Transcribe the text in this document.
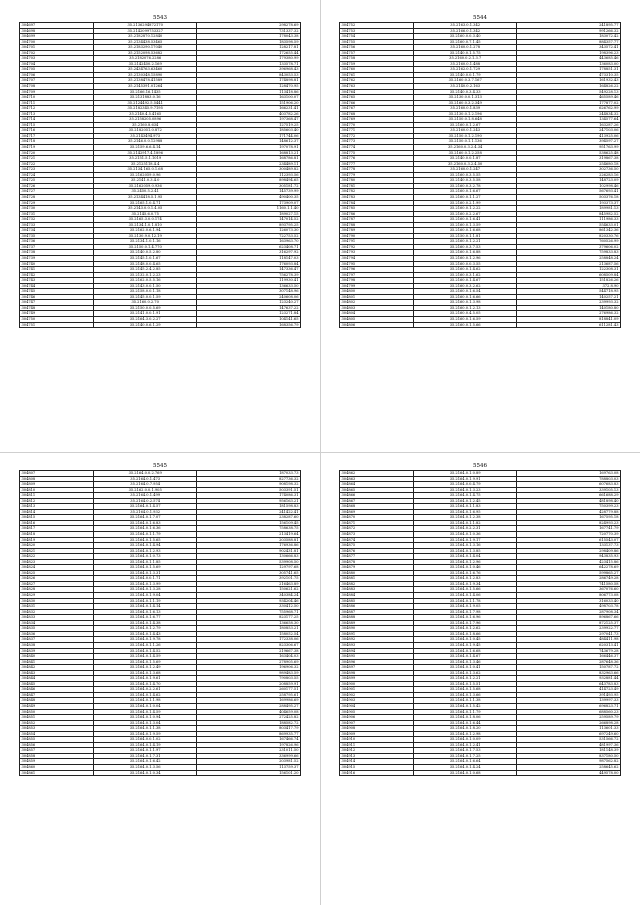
5543
304697	35.2136294872170	298278.69
304698	35.2142099753327	731337.32
304699	35.2182870.12840	178043.38
304700	35.2134438.53465	183598.59
304701	35.2183290.17040	128217.81
304702	35.2152098.53682	172655.44
304703	35.2182076.2286	179380.99
304704	35.2142450.2.169	133578.71
304705	35.2434763.63460	396968.43
304706	35.2130348.15890	843053.53
304707	35.2138478.41589	174898.81
304708	35.2145391.01264	128470.95
304709	35.2166.16.1435	113418.86
304710	35.2131883.0.16	163100.07
304711	35.2124492.5.5441	151906.20
304712	35.2182345.9.7195	166231.41
304713	35.2140.4.5.4165	403782.26
304714	35.2158205.0896	197368.47
304715	35.2160.8.634	127519.25
304716	35.2182051.0.872	185603.40
304717	35.2143494.973	171744.06
304718	35.2146.0.0.12988	148612.37
304719	35.2159.6.6.4.14	197078.91
304720	35.2142917.4.1896	168813.21
304721	35.2151.5.1.1019	168786.81
304722	35.2125118.4.4	234489.11
304723	35.2134.165.0.1.68	300489.82
304724	35.2162059.0.96	112393.56
304725	35.2141.0.3.4.0	898494.65
304726	35.2162059.0.936	305181.72
304727	35.2450.5.2.41	145739.99
304728	35.2134418.5.1.95	490400.35
304729	35.2165.1.0.4.71	173909.07
304730	35.2143.0.0.1.4.05	1160.1.1.40
304731	35.2145.6.0.75	189027.15
304732	35.2165.3.0.0.174	147014.52
304733	35.2134.1.0.1.810	893795.25
304734	35.2162.0.6.1.94	126073.30
304735	35.2130.9.0.12.19	722753.52
304736	35.2134.1.0.1.16	163963.70
304737	35.2150.0.1.4.770	623408.71
304738	35.2140.0.5.2.80	316297.92
304739	35.2145.1.0.1.67	118147.03
304740	35.2148.0.0.4.65	176093.84
304741	35.2145.2.4.2.85	147336.47
304742	35.2132.0.1.2.23	756278.39
304743	35.2162.0.5.5.16	119930.41
304744	35.2143.0.0.1.50	136633.50
304745	35.2158.0.0.1.18	307148.96
304746	35.2145.0.0.1.59	240608.06
304747	35.2160.0.2.70	123240.27
304748	35.2150.0.0.5.69	147637.22
304749	35.2141.0.0.1.91	123271.84
304750	35.2164.3.0.2.27	104141.65
304751	35.2140.0.6.1.29	168356.79
5544
304752	35.2163.0.1.342	241895.77
304753	35.2166.0.1.342	991266.32
304754	35.2160.0.0.3.40	183072.42
304755	35.2160.0.7.1.45	884357.77
304756	35.2160.0.1.278	343572.41
304757	35.2140.0.1.5.75	198396.23
304758	35.2160.0.2.1.3.7	443685.46
304759	35.2160.0.1.488	136083.00
304760	35.2162.0.1.729	178851.31
304761	35.2140.0.0.1.79	473310.35
304762	35.2160.0.3.7.167	161932.43
304763	35.2140.0.2.163	164826.22
304764	35.2140.0.3.4.33	549228.13
304765	35.2130.0.0.1.313	465589.46
304766	35.2160.0.3.2.349	177877.02
304767	35.2160.0.1.839	626762.99
304768	35.2130.0.1.2.196	244834.32
304769	35.2150.0.1.8.648	134577.64
304770	35.2160.0.1.2.67	163287.26
304771	35.2160.0.1.243	247103.06
304772	35.2150.0.1.2.190	413925.06
304773	35.2150.0.1.1.136	394597.27
304774	35.2160.0.3.2.4.34	951763.99
304775	35.2160.0.1.2.258	538625.48
304776	35.2140.0.0.1.87	319867.38
304777	35.2160.0.3.2.4.50	254680.18
304778	35.2160.0.1.247	302736.50
304779	35.2160.0.3.5.55	226283.16
304780	35.2140.0.3.5.58	148723.09
304781	35.2160.0.3.2.78	102998.46
304782	35.2160.0.1.6.67	567693.41
304783	35.2160.0.1.1.27	503376.18
304784	35.2160.0.2.1.99	193373.37
304785	35.2160.0.1.2.22	189981.13
304786	35.2160.0.2.2.67	845982.52
304787	35.2160.0.1.6.41	111986.33
304788	35.2160.0.1.3.59	554633.01
304789	35.2160.0.1.6.68	861342.36
304790	35.2150.0.1.1.81	820330.76
304791	35.2160.0.1.2.21	760526.99
304792	35.2160.0.3.7.53	379606.02
304793	35.2160.0.1.6.88	759833.83
304794	35.2160.0.1.2.96	258848.24
304795	35.2160.0.0.3.55	213687.56
304796	35.2160.0.1.4.62	122308.31
304797	35.2160.0.3.1.62	608509.84
304798	35.2160.0.1.4.67	151826.26
304799	35.2160.0.3.2.62	372.8.90
304800	35.2160.0.1.6.54	544718.95
304801	35.2160.0.1.6.66	140257.21
304802	35.2160.0.1.3.98	239993.32
304803	35.2160.0.1.2.13	140180.80
304804	35.2160.0.4.5.05	276986.32
304805	35.2160.0.1.6.59	818841.09
304806	35.2160.0.1.5.66	611281.43
5545
304807	35.2164.0.0.2.769	187033.73
304808	35.2164.0.1.473	827736.32
304809	35.2164.0.7.954	908198.32
304810	35.2162.0.0.1.905	503391.51
304811	35.2164.0.1.499	174086.31
304812	35.2164.0.2.574	956163.21
304813	35.2164.0.1.4.57	181598.83
304814	35.2164.0.1.932	241422.41
304815	35.2164.0.1.7.07	238287.60
304816	35.2164.0.1.6.83	156109.45
304817	35.2164.0.1.6.36	758638.75
304818	35.2164.0.1.1.79	213419.64
304819	35.2164.0.1.5.65	203588.81
304820	35.2164.0.1.4.94	176936.86
304821	35.2164.0.1.2.93	902431.81
304822	35.2164.0.1.0.73	130666.83
304823	35.2164.0.1.1.85	539908.50
304824	35.2164.0.1.5.69	129797.68
304825	35.2164.0.1.3.31	305741.65
304826	35.2164.0.0.1.71	392101.75
304827	35.2164.0.1.3.99	216463.89
304828	35.2164.0.1.3.28	150621.62
304829	35.2164.0.1.9.04	340384.24
304830	35.2164.0.1.1.19	934204.46
304831	35.2164.0.1.4.14	330412.50
304832	35.2164.0.1.6.13	755968.71
304833	35.2164.0.1.6.77	823177.25
304834	35.2164.0.1.4.38	136658.30
304835	35.2164.0.1.2.79	180853.21
304836	35.2164.0.1.4.43	158052.54
304837	35.2164.0.1.9.78	172338.06
304838	35.2164.0.1.1.26	823306.67
304839	35.2164.0.1.4.52	219667.38
304840	35.2164.0.1.4.59	163404.03
304841	35.2164.0.1.5.69	278905.69
304842	35.2164.0.1.2.49	196906.32
304843	35.2164.0.1.3.68	989483.59
304844	35.2164.0.1.9.61	790803.55
304845	35.2164.0.1.4.70	208859.91
304846	35.2164.0.2.2.61	260177.51
304847	35.2164.0.1.4.62	258795.61
304848	35.2164.0.1.1.98	169986.69
304849	35.2164.0.1.0.04	288495.27
304850	35.2164.0.1.4.59	404659.08
304851	35.2164.0.1.0.94	272425.82
304852	35.2164.0.1.3.04	188582.72
304853	35.2164.0.1.1.38	803417.79
304854	35.2164.0.1.9.59	869935.77
304855	35.2164.0.0.1.02	167466.74
304856	35.2164.0.1.4.19	197826.96
304857	35.2164.0.1.1.97	231011.50
304858	35.2164.0.1.7.31	336999.66
304859	35.2164.0.1.6.42	203981.52
304860	35.2164.0.1.3.56	113759.37
304861	35.2164.0.1.0.34	156101.20
5546
304862	35.2164.0.1.0.89	169763.08
304863	35.2164.0.1.9.91	788803.03
304864	35.2164.0.0.4.79	607683.83
304865	35.2164.0.1.3.23	339105.13
304866	35.2164.0.1.4.75	661688.29
304867	35.2164.0.1.2.45	481898.40
304868	35.2164.0.1.1.83	750399.23
304869	35.2164.0.1.6.95	428779.88
304870	35.2164.0.1.2.38	167595.18
304871	35.2164.0.1.1.82	824993.23
304872	35.2164.0.2.2.31	167741.79
304873	35.2164.0.1.0.36	720770.39
304874	35.2164.0.1.9.17	615543.07
304875	35.2164.0.1.3.16	133137.73
304876	35.2164.0.1.3.85	298409.86
304877	35.2164.0.1.4.04	943835.93
304878	35.2164.0.1.2.96	423415.86
304879	35.2164.0.1.0.46	642278.69
304880	35.2164.0.1.6.76	599865.27
304881	35.2164.0.1.2.83	286749.28
304882	35.2164.0.1.9.34	741580.58
304883	35.2164.0.1.5.66	367076.60
304884	35.2164.0.1.4.06	806773.08
304885	35.2164.0.1.1.78	316033.40
304886	35.2164.0.1.9.05	498703.78
304887	35.2164.0.1.7.98	287908.34
304888	35.2164.0.1.6.96	896867.66
304889	35.2164.0.1.7.96	872125.37
304890	35.2164.0.1.2.62	239922.77
304891	35.2164.0.1.8.66	297041.73
304892	35.2164.0.1.0.45	484411.98
304893	35.2164.0.1.9.45	620313.41
304894	35.2164.0.1.6.68	743679.28
304895	35.2164.0.1.4.67	166446.37
304896	35.2164.0.1.3.46	287648.36
304897	35.2164.0.1.0.41	150787.72
304898	35.2164.0.1.3.62	832963.66
304899	35.2164.0.1.2.21	932881.44
304900	35.2164.0.1.5.51	643783.83
304901	35.2164.0.1.5.68	414723.49
304902	35.2164.0.1.3.66	391493.95
304903	35.2164.0.1.1.38	139997.33
304904	35.2164.0.1.5.42	696823.71
304905	35.2164.0.1.1.79	688560.23
304906	35.2164.0.1.8.06	259589.79
304907	35.2164.0.1.6.44	266898.28
304908	35.2164.0.1.8.20	113601.33
304909	35.2164.0.1.2.98	697249.60
304910	35.2164.0.1.0.09	531566.72
304911	35.2164.0.1.2.41	481997.36
304912	35.2164.0.1.7.53	181148.39
304913	35.2164.0.1.7.25	837180.50
304914	35.2164.0.1.6.64	987562.82
304915	35.2164.0.1.4.24	258645.62
304916	35.2164.0.1.0.68	449578.00
